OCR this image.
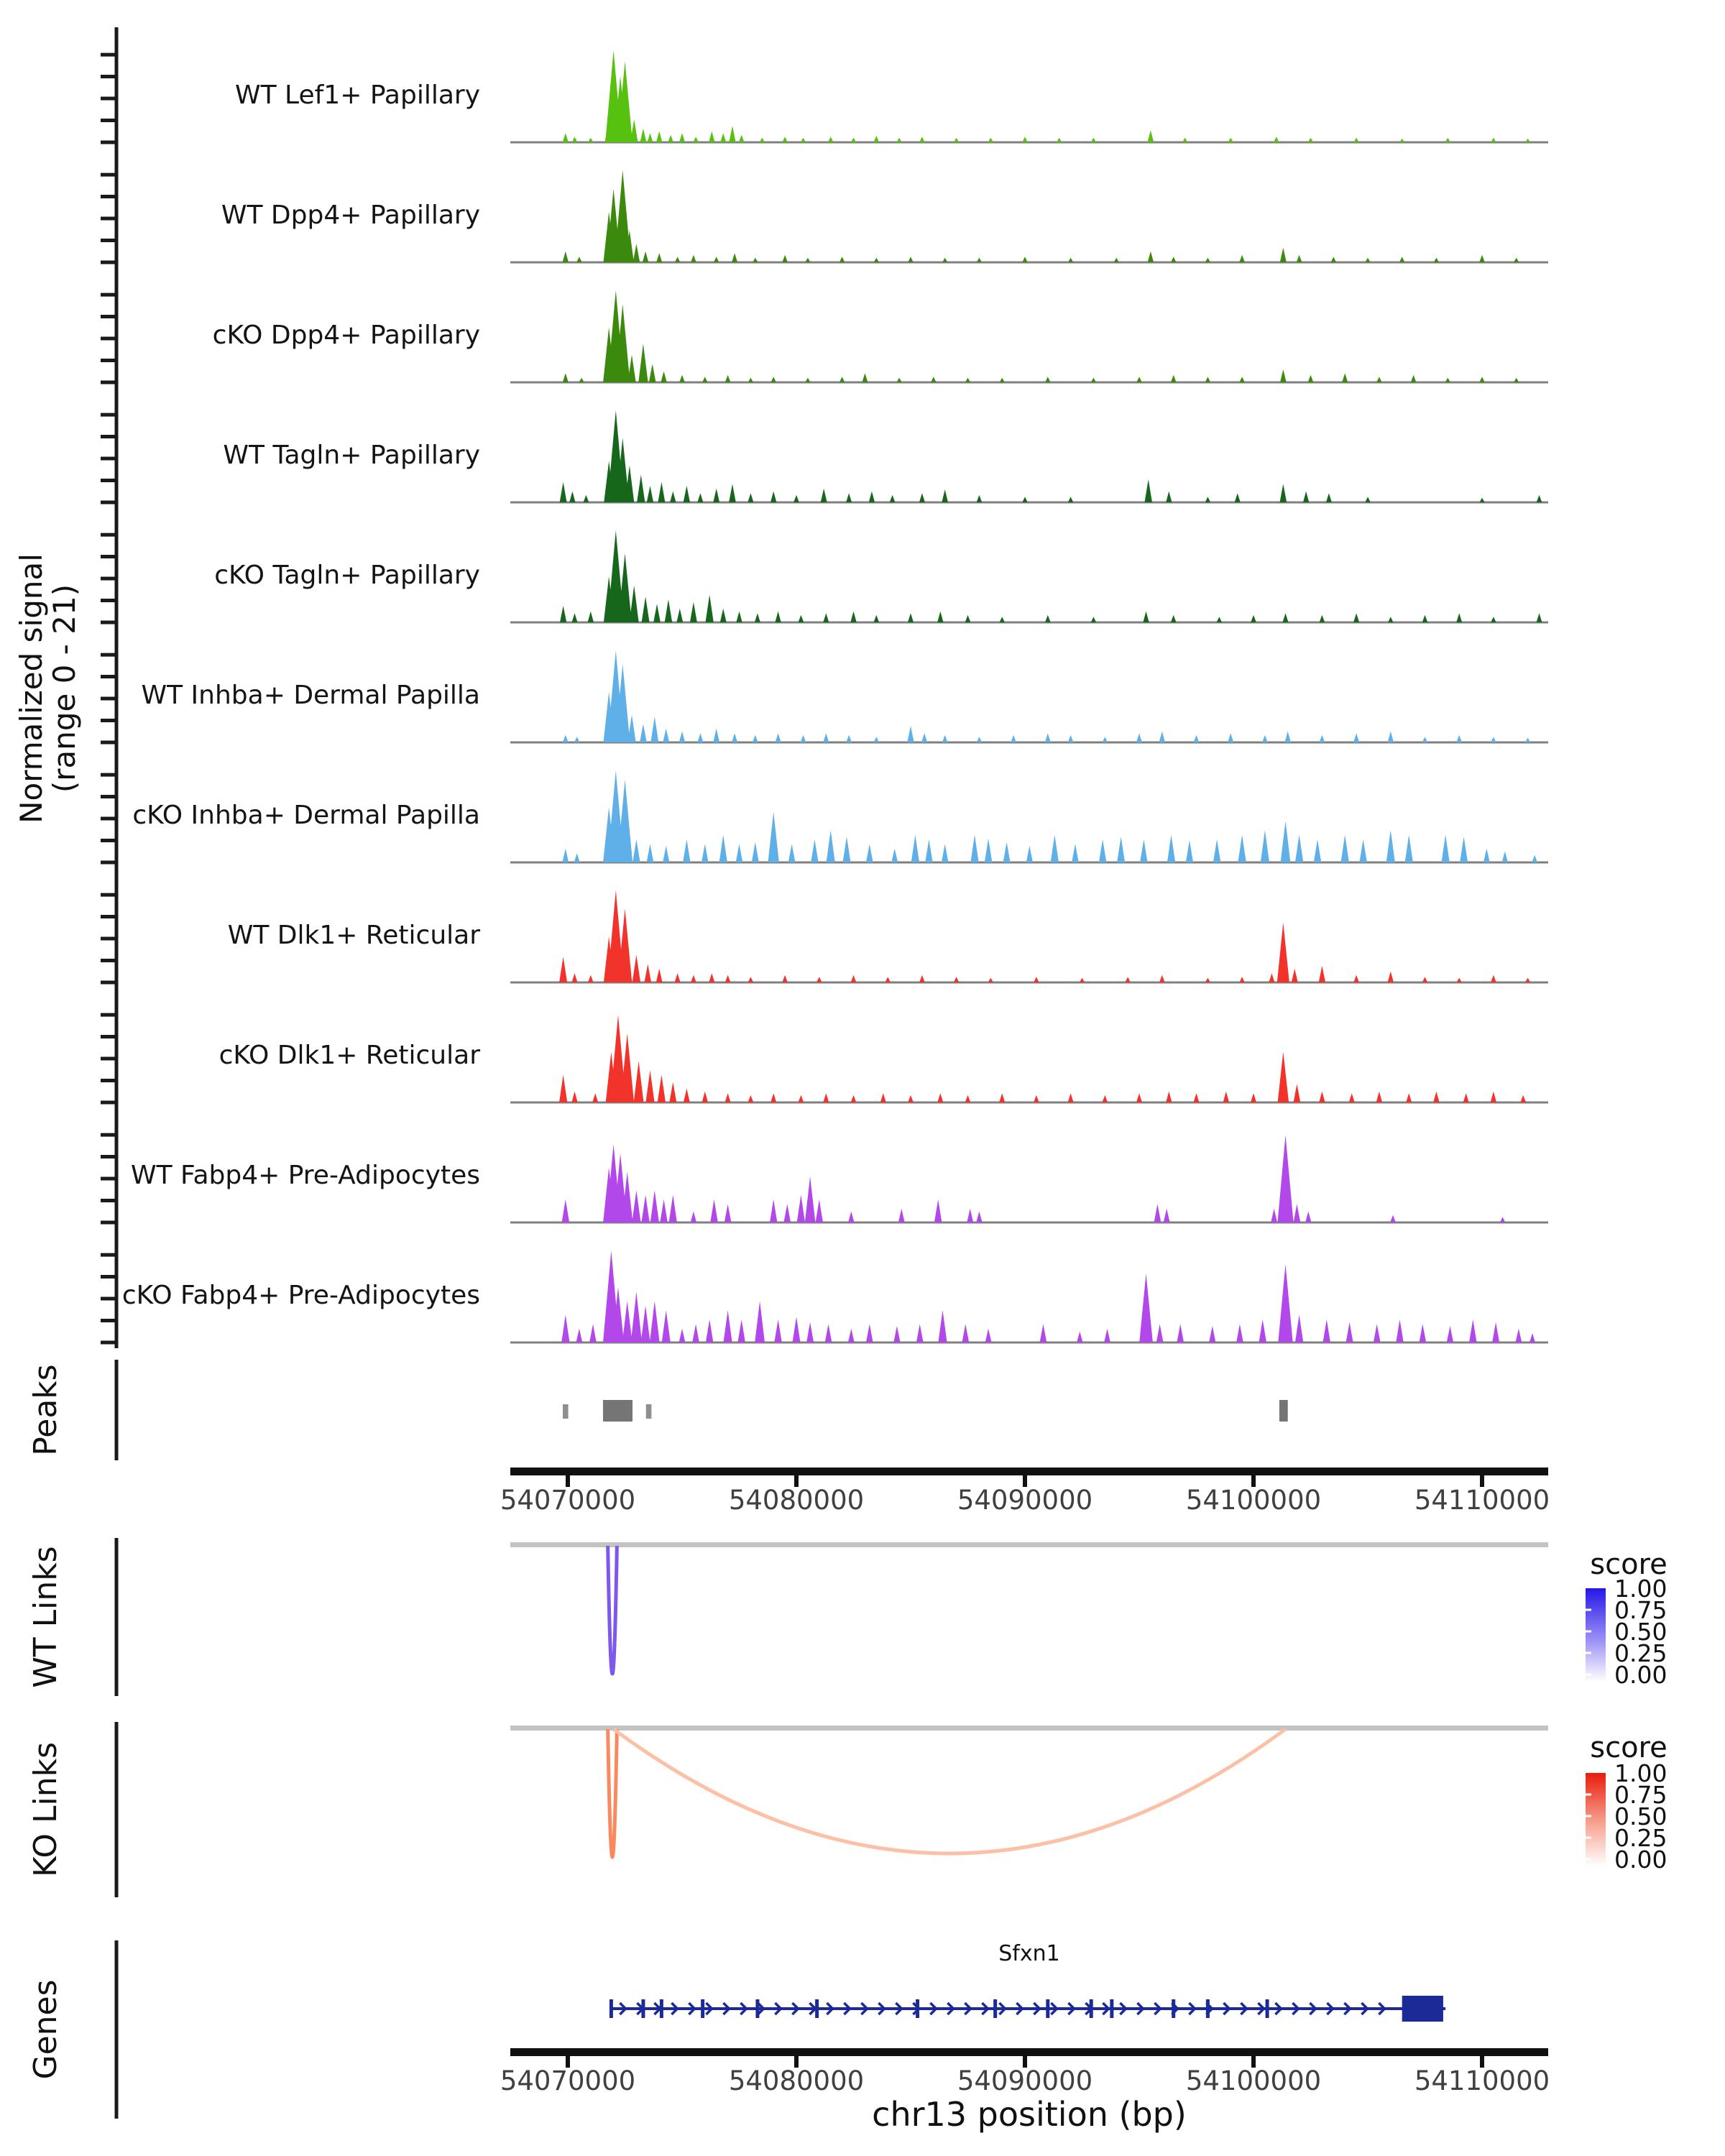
Normalized signal
(range 0 - 21)
Peaks
WT Links
KO Links
Genes
WT Lef1+ Papillary
WT Dpp4+ Papillary
cKO Dpp4+ Papillary
WT Tagln+ Papillary
cKO Tagln+ Papillary
WT Inhba+ Dermal Papilla
cKO Inhba+ Dermal Papilla
WT Dlk1+ Reticular
cKO Dlk1+ Reticular
WT Fabp4+ Pre-Adipocytes
cKO Fabp4+ Pre-Adipocytes
54070000	54080000	54090000	54100000	54110000
1.00
0.75
0.50
0.25
0.00
1.00
0.75
0.50
0.25
0.00
54070000	54080000	54090000	54100000	54110000
score
score
Sfxn1
chr13 position (bp)
